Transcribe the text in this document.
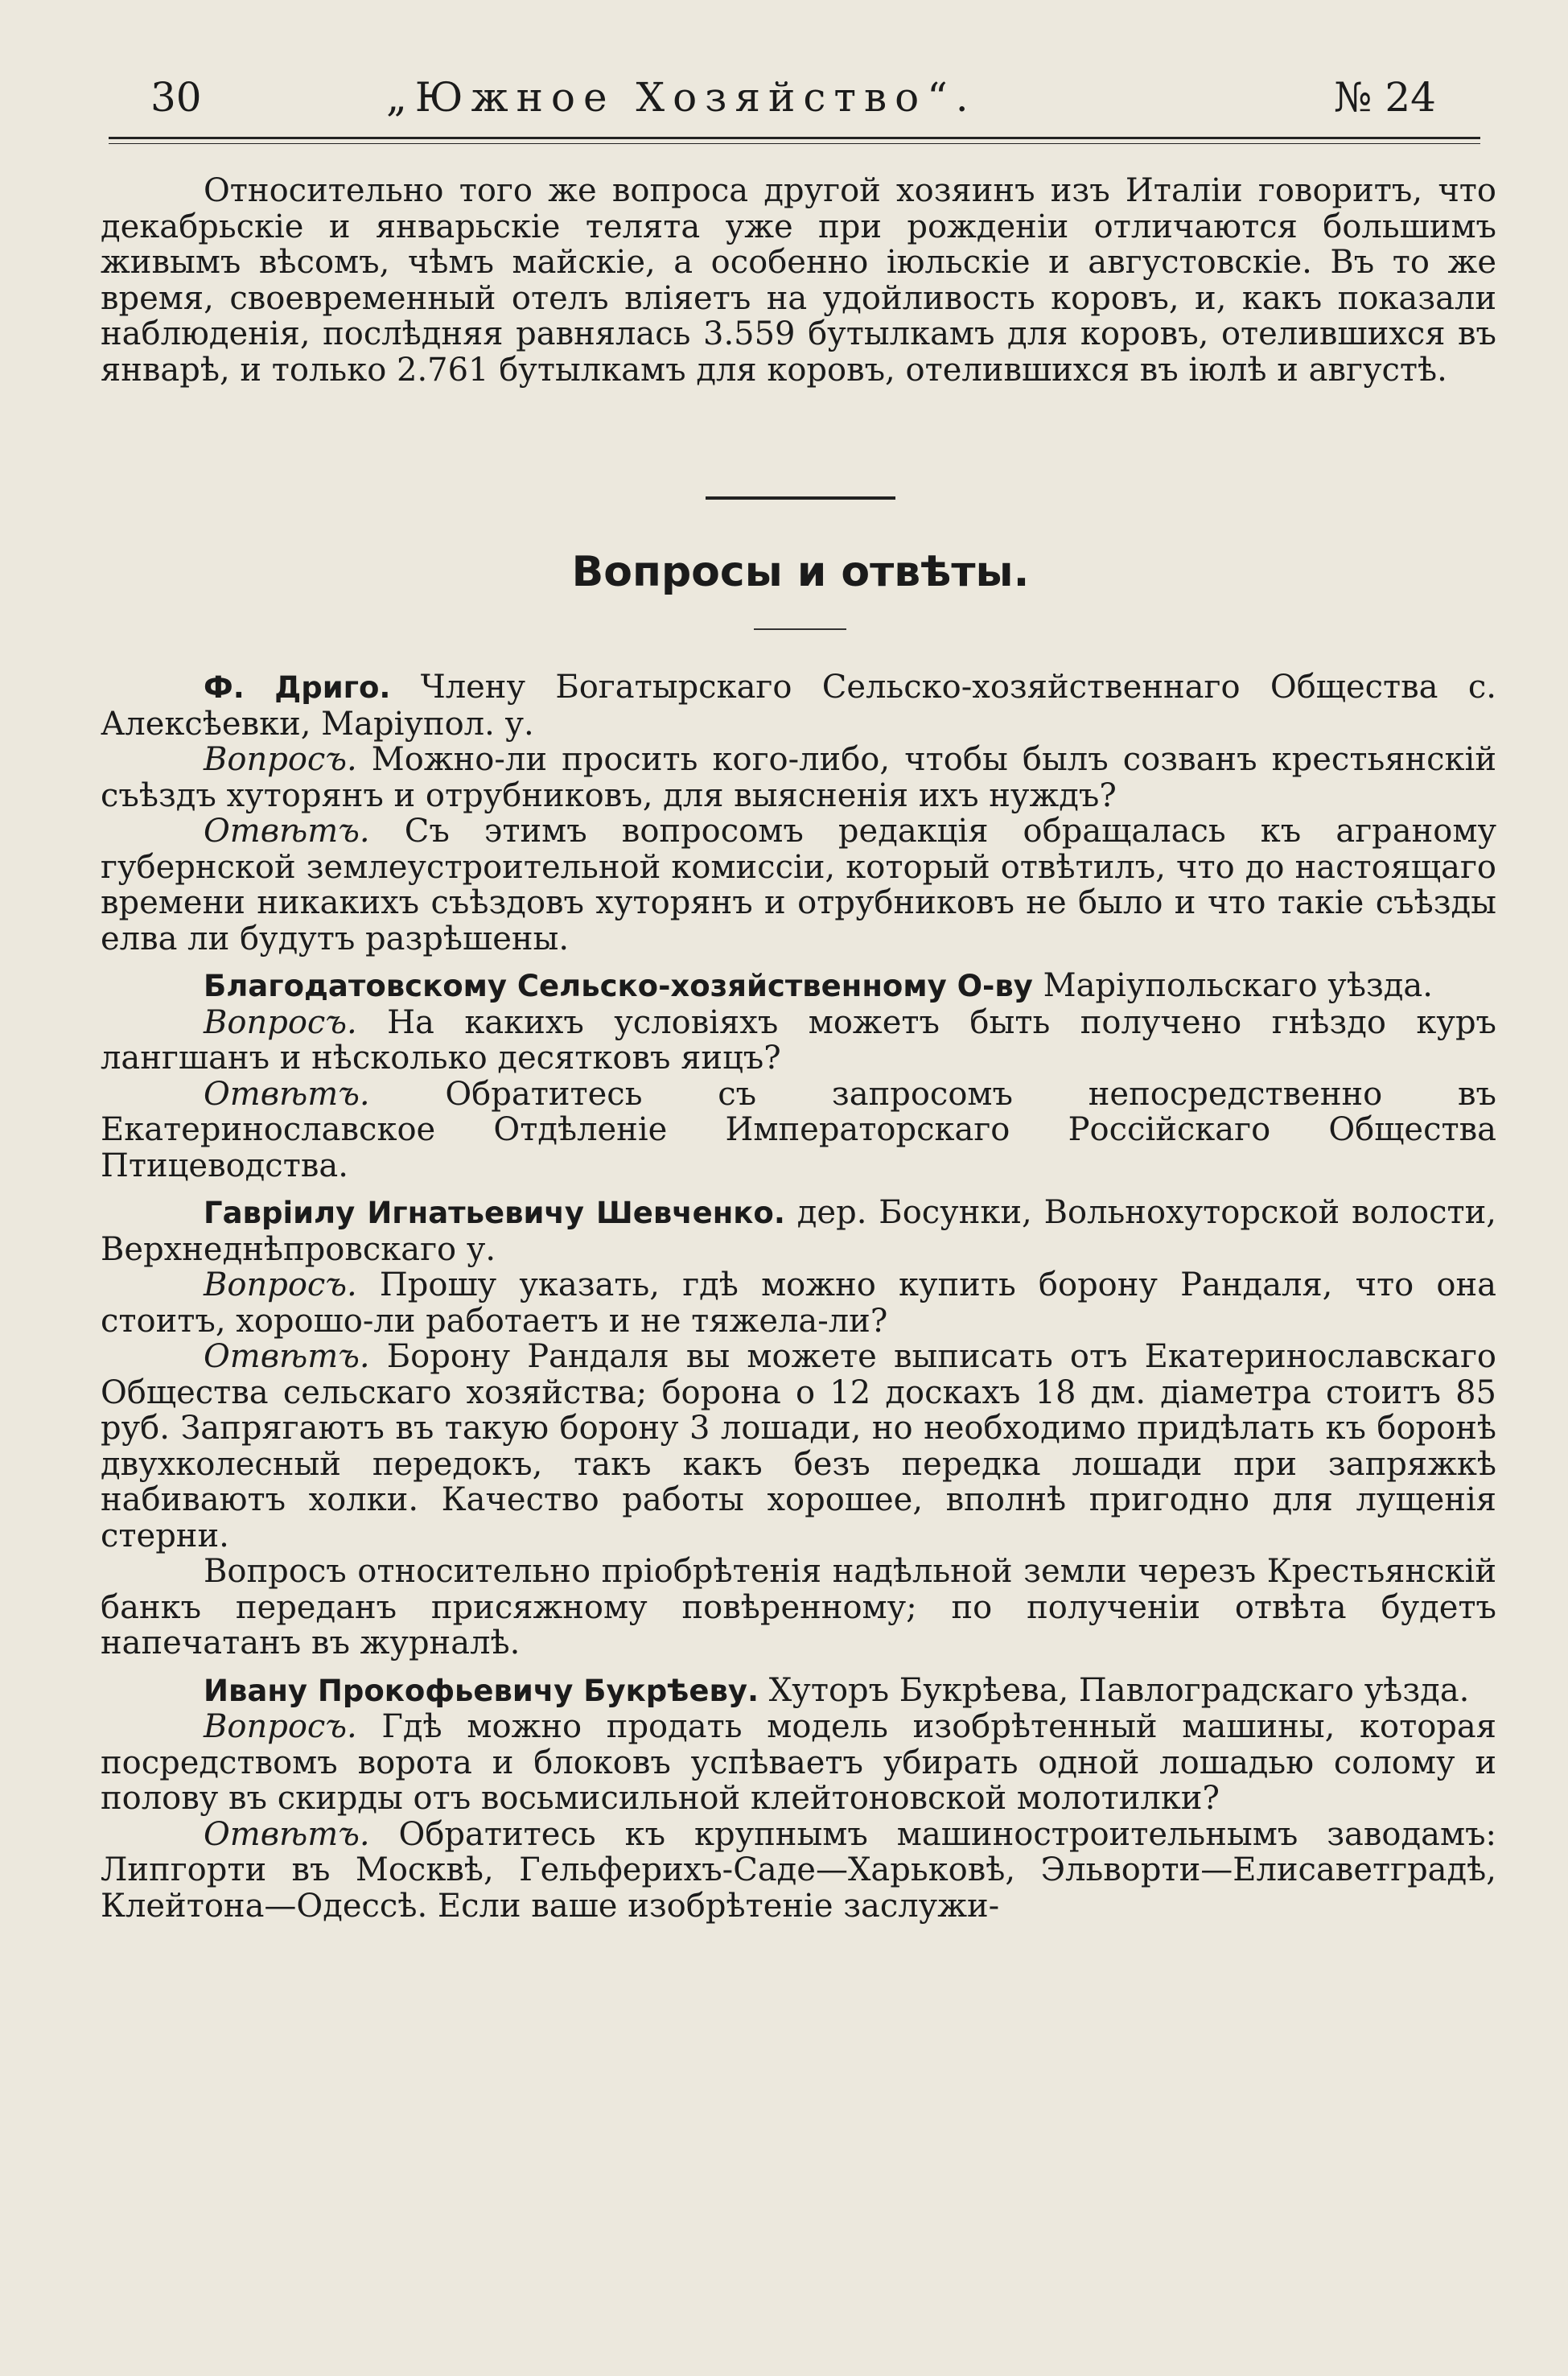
30	„Южное Хозяйство“.	№ 24

Относительно того же вопроса другой хозяинъ изъ Италіи говоритъ, что декабрьскіе и январьскіе телята уже при рожденіи отличаются большимъ живымъ вѣсомъ, чѣмъ майскіе, а особенно іюльскіе и августовскіе. Въ то же время, своевременный отелъ вліяетъ на удойливость коровъ, и, какъ показали наблюденія, послѣдняя равнялась 3.559 бутылкамъ для коровъ, отелившихся въ январѣ, и только 2.761 бутылкамъ для коровъ, отелившихся въ іюлѣ и августѣ.

Вопросы и отвѣты.

Ф. Дриго. Члену Богатырскаго Сельско-хозяйственнаго Общества с. Алексѣевки, Маріупол. у.

Вопросъ. Можно-ли просить кого-либо, чтобы былъ созванъ крестьянскій съѣздъ хуторянъ и отрубниковъ, для выясненія ихъ нуждъ?

Отвѣтъ. Съ этимъ вопросомъ редакція обращалась къ аграному губернской землеустроительной комиссіи, который отвѣтилъ, что до настоящаго времени никакихъ съѣздовъ хуторянъ и отрубниковъ не было и что такіе съѣзды елва ли будутъ разрѣшены.

Благодатовскому Сельско-хозяйственному О-ву Маріупольскаго уѣзда.

Вопросъ. На какихъ условіяхъ можетъ быть получено гнѣздо куръ лангшанъ и нѣсколько десятковъ яицъ?

Отвѣтъ. Обратитесь съ запросомъ непосредственно въ Екатеринославское Отдѣленіе Императорскаго Россійскаго Общества Птицеводства.

Гавріилу Игнатьевичу Шевченко. дер. Босунки, Вольнохуторской волости, Верхнеднѣпровскаго у.

Вопросъ. Прошу указать, гдѣ можно купить борону Рандаля, что она стоитъ, хорошо-ли работаетъ и не тяжела-ли?

Отвѣтъ. Борону Рандаля вы можете выписать отъ Екатеринославскаго Общества сельскаго хозяйства; борона о 12 доскахъ 18 дм. діаметра стоитъ 85 руб. Запрягаютъ въ такую борону 3 лошади, но необходимо придѣлать къ боронѣ двухколесный передокъ, такъ какъ безъ передка лошади при запряжкѣ набиваютъ холки. Качество работы хорошее, вполнѣ пригодно для лущенія стерни.

Вопросъ относительно пріобрѣтенія надѣльной земли черезъ Крестьянскій банкъ переданъ присяжному повѣренному; по полученіи отвѣта будетъ напечатанъ въ журналѣ.

Ивану Прокофьевичу Букрѣеву. Хуторъ Букрѣева, Павлоградскаго уѣзда.

Вопросъ. Гдѣ можно продать модель изобрѣтенный машины, которая посредствомъ ворота и блоковъ успѣваетъ убирать одной лошадью солому и полову въ скирды отъ восьмисильной клейтоновской молотилки?

Отвѣтъ. Обратитесь къ крупнымъ машиностроительнымъ заводамъ: Липгорти въ Москвѣ, Гельферихъ-Саде—Харьковѣ, Эльворти—Елисаветградѣ, Клейтона—Одессѣ. Если ваше изобрѣтеніе заслужи-
